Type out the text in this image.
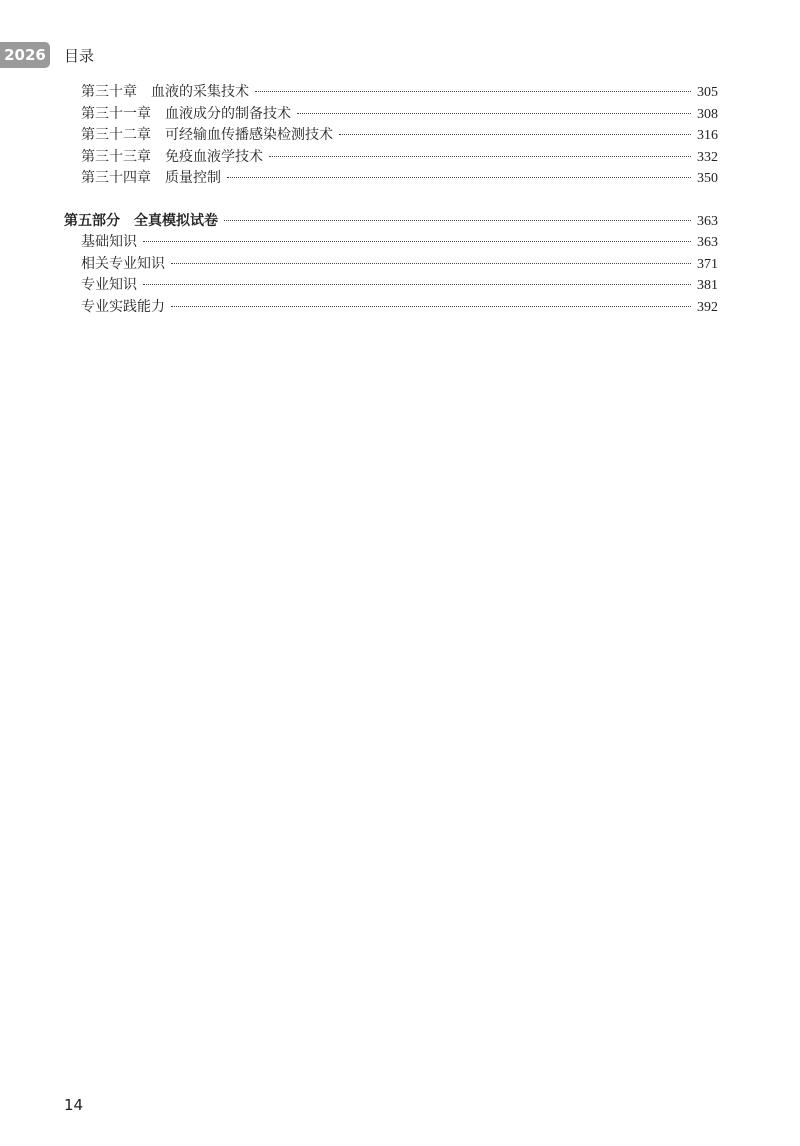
2026 目录
第三十章 血液的采集技术	305
第三十一章 血液成分的制备技术	308
第三十二章 可经输血传播感染检测技术	316
第三十三章 免疫血液学技术	332
第三十四章 质量控制	350
第五部分 全真模拟试卷	363
基础知识	363
相关专业知识	371
专业知识	381
专业实践能力	392
14
